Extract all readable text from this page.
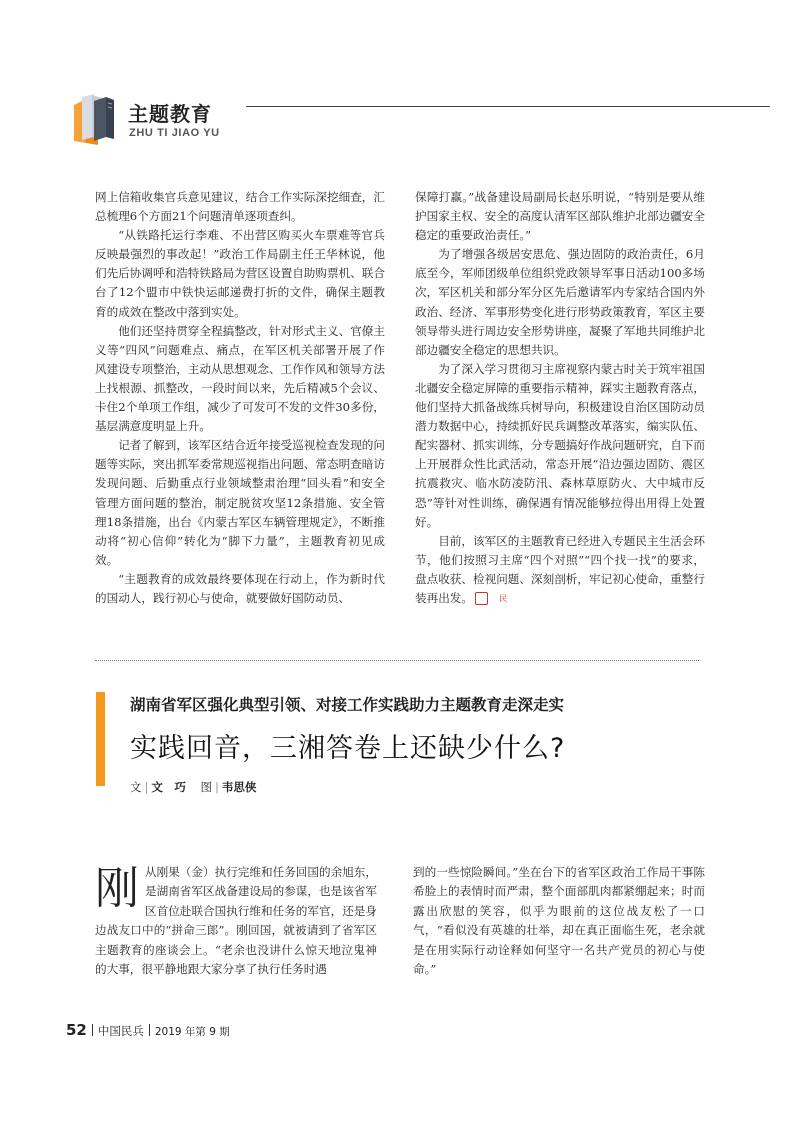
主题教育
ZHU TI JIAO YU

网上信箱收集官兵意见建议，结合工作实际深挖细查，汇总梳理6个方面21个问题清单逐项查纠。

“从铁路托运行李难、不出营区购买火车票难等官兵反映最强烈的事改起！”政治工作局副主任王华林说，他们先后协调呼和浩特铁路局为营区设置自助购票机、联合台了12个盟市中铁快运邮递费打折的文件，确保主题教育的成效在整改中落到实处。

他们还坚持贯穿全程搞整改，针对形式主义、官僚主义等“四风”问题难点、痛点，在军区机关部署开展了作风建设专项整治，主动从思想观念、工作作风和领导方法上找根源、抓整改，一段时间以来，先后精减5个会议、卡住2个单项工作组，减少了可发可不发的文件30多份，基层满意度明显上升。

记者了解到，该军区结合近年接受巡视检查发现的问题等实际，突出抓军委常规巡视指出问题、常态明查暗访发现问题、后勤重点行业领域整肃治理“回头看”和安全管理方面问题的整治，制定脱贫攻坚12条措施、安全管理18条措施，出台《内蒙古军区车辆管理规定》，不断推动将“初心信仰”转化为“脚下力量”，主题教育初见成效。

“主题教育的成效最终要体现在行动上，作为新时代的国动人，践行初心与使命，就要做好国防动员、

保障打赢。”战备建设局副局长赵乐明说，“特别是要从维护国家主权、安全的高度认清军区部队维护北部边疆安全稳定的重要政治责任。”

为了增强各级居安思危、强边固防的政治责任，6月底至今，军师团级单位组织党政领导军事日活动100多场次，军区机关和部分军分区先后邀请军内专家结合国内外政治、经济、军事形势变化进行形势政策教育，军区主要领导带头进行周边安全形势讲座，凝聚了军地共同维护北部边疆安全稳定的思想共识。

为了深入学习贯彻习主席视察内蒙古时关于筑牢祖国北疆安全稳定屏障的重要指示精神，踩实主题教育落点，他们坚持大抓备战练兵树导向，积极建设自治区国防动员潜力数据中心，持续抓好民兵调整改革落实，编实队伍、配实器材、抓实训练，分专题搞好作战问题研究，自下而上开展群众性比武活动，常态开展“沿边强边固防、震区抗震救灾、临水防凌防汛、森林草原防火、大中城市反恐”等针对性训练，确保遇有情况能够拉得出用得上处置好。

目前，该军区的主题教育已经进入专题民主生活会环节，他们按照习主席“四个对照”“四个找一找”的要求，盘点收获、检视问题、深刻剖析，牢记初心使命，重整行装再出发。	民

湖南省军区强化典型引领、对接工作实践助力主题教育走深走实
实践回音，三湘答卷上还缺少什么?
文 | 文　巧 图 | 韦思侠
刚 从刚果（金）执行完维和任务回国的余旭东，是湖南省军区战备建设局的参谋，也是该省军区首位赴联合国执行维和任务的军官，还是身边战友口中的“拼命三郎”。刚回国，就被请到了省军区主题教育的座谈会上。“老余也没讲什么惊天地泣鬼神的大事，很平静地跟大家分享了执行任务时遇

到的一些惊险瞬间。”坐在台下的省军区政治工作局干事陈希脸上的表情时而严肃，整个面部肌肉都紧绷起来；时而露出欣慰的笑容，似乎为眼前的这位战友松了一口气，“看似没有英雄的壮举，却在真正面临生死，老余就是在用实际行动诠释如何坚守一名共产党员的初心与使命。”

52 中国民兵 2019 年第 9 期
